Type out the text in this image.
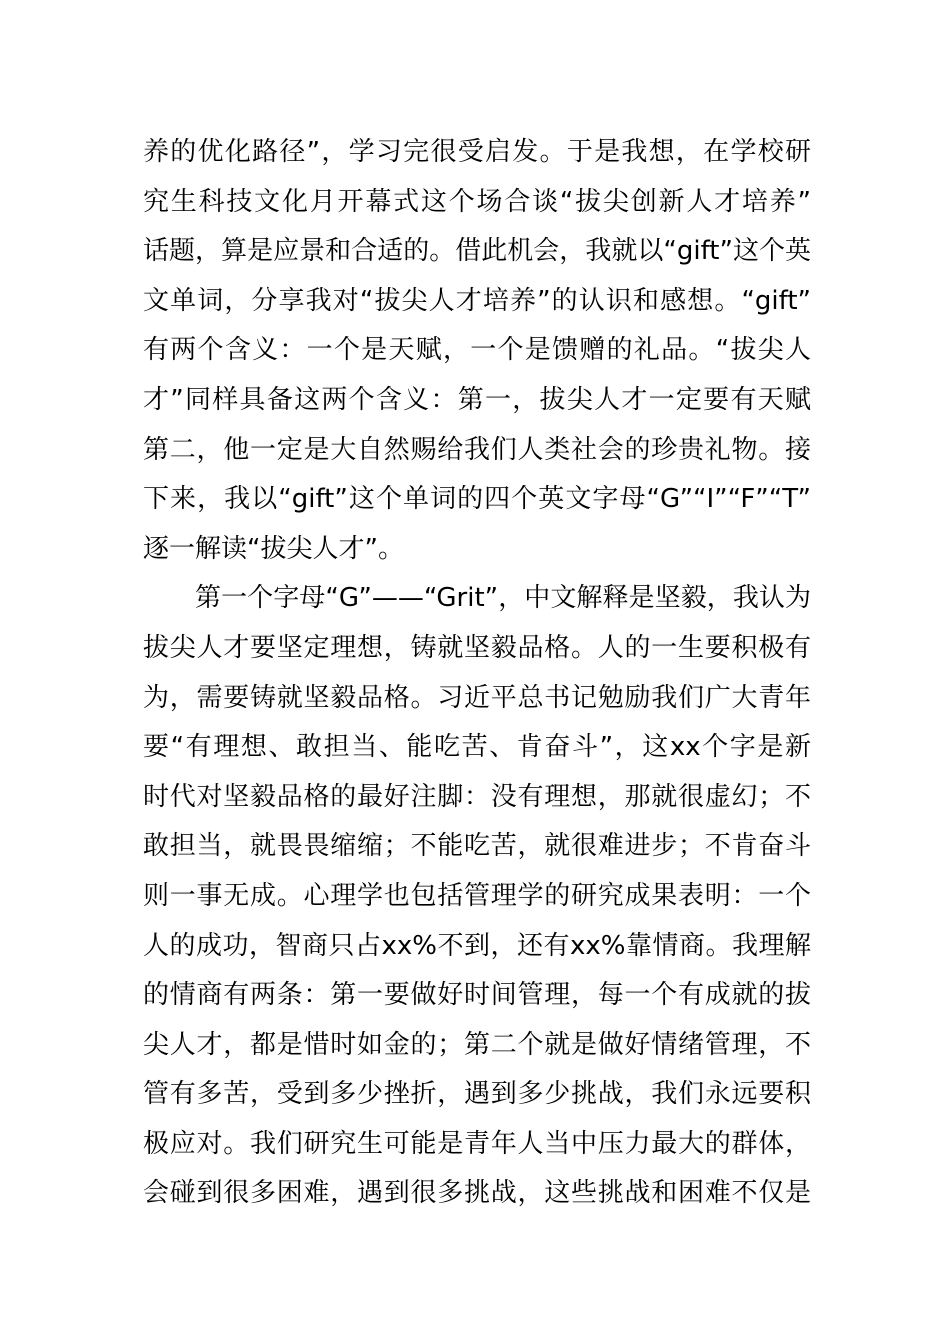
养的优化路径”，学习完很受启发。于是我想，在学校研
究生科技文化月开幕式这个场合谈“拔尖创新人才培养”
话题，算是应景和合适的。借此机会，我就以“gift”这个英
文单词，分享我对“拔尖人才培养”的认识和感想。“gift”
有两个含义：一个是天赋，一个是馈赠的礼品。“拔尖人
才”同样具备这两个含义：第一，拔尖人才一定要有天赋
第二，他一定是大自然赐给我们人类社会的珍贵礼物。接
下来，我以“gift”这个单词的四个英文字母“G”“I”“F”“T”
逐一解读“拔尖人才”。
第一个字母“G”——“Grit”，中文解释是坚毅，我认为
拔尖人才要坚定理想，铸就坚毅品格。人的一生要积极有
为，需要铸就坚毅品格。习近平总书记勉励我们广大青年
要“有理想、敢担当、能吃苦、肯奋斗”，这xx个字是新
时代对坚毅品格的最好注脚：没有理想，那就很虚幻；不
敢担当，就畏畏缩缩；不能吃苦，就很难进步；不肯奋斗
则一事无成。心理学也包括管理学的研究成果表明：一个
人的成功，智商只占xx%不到，还有xx%靠情商。我理解
的情商有两条：第一要做好时间管理，每一个有成就的拔
尖人才，都是惜时如金的；第二个就是做好情绪管理，不
管有多苦，受到多少挫折，遇到多少挑战，我们永远要积
极应对。我们研究生可能是青年人当中压力最大的群体，
会碰到很多困难，遇到很多挑战，这些挑战和困难不仅是
